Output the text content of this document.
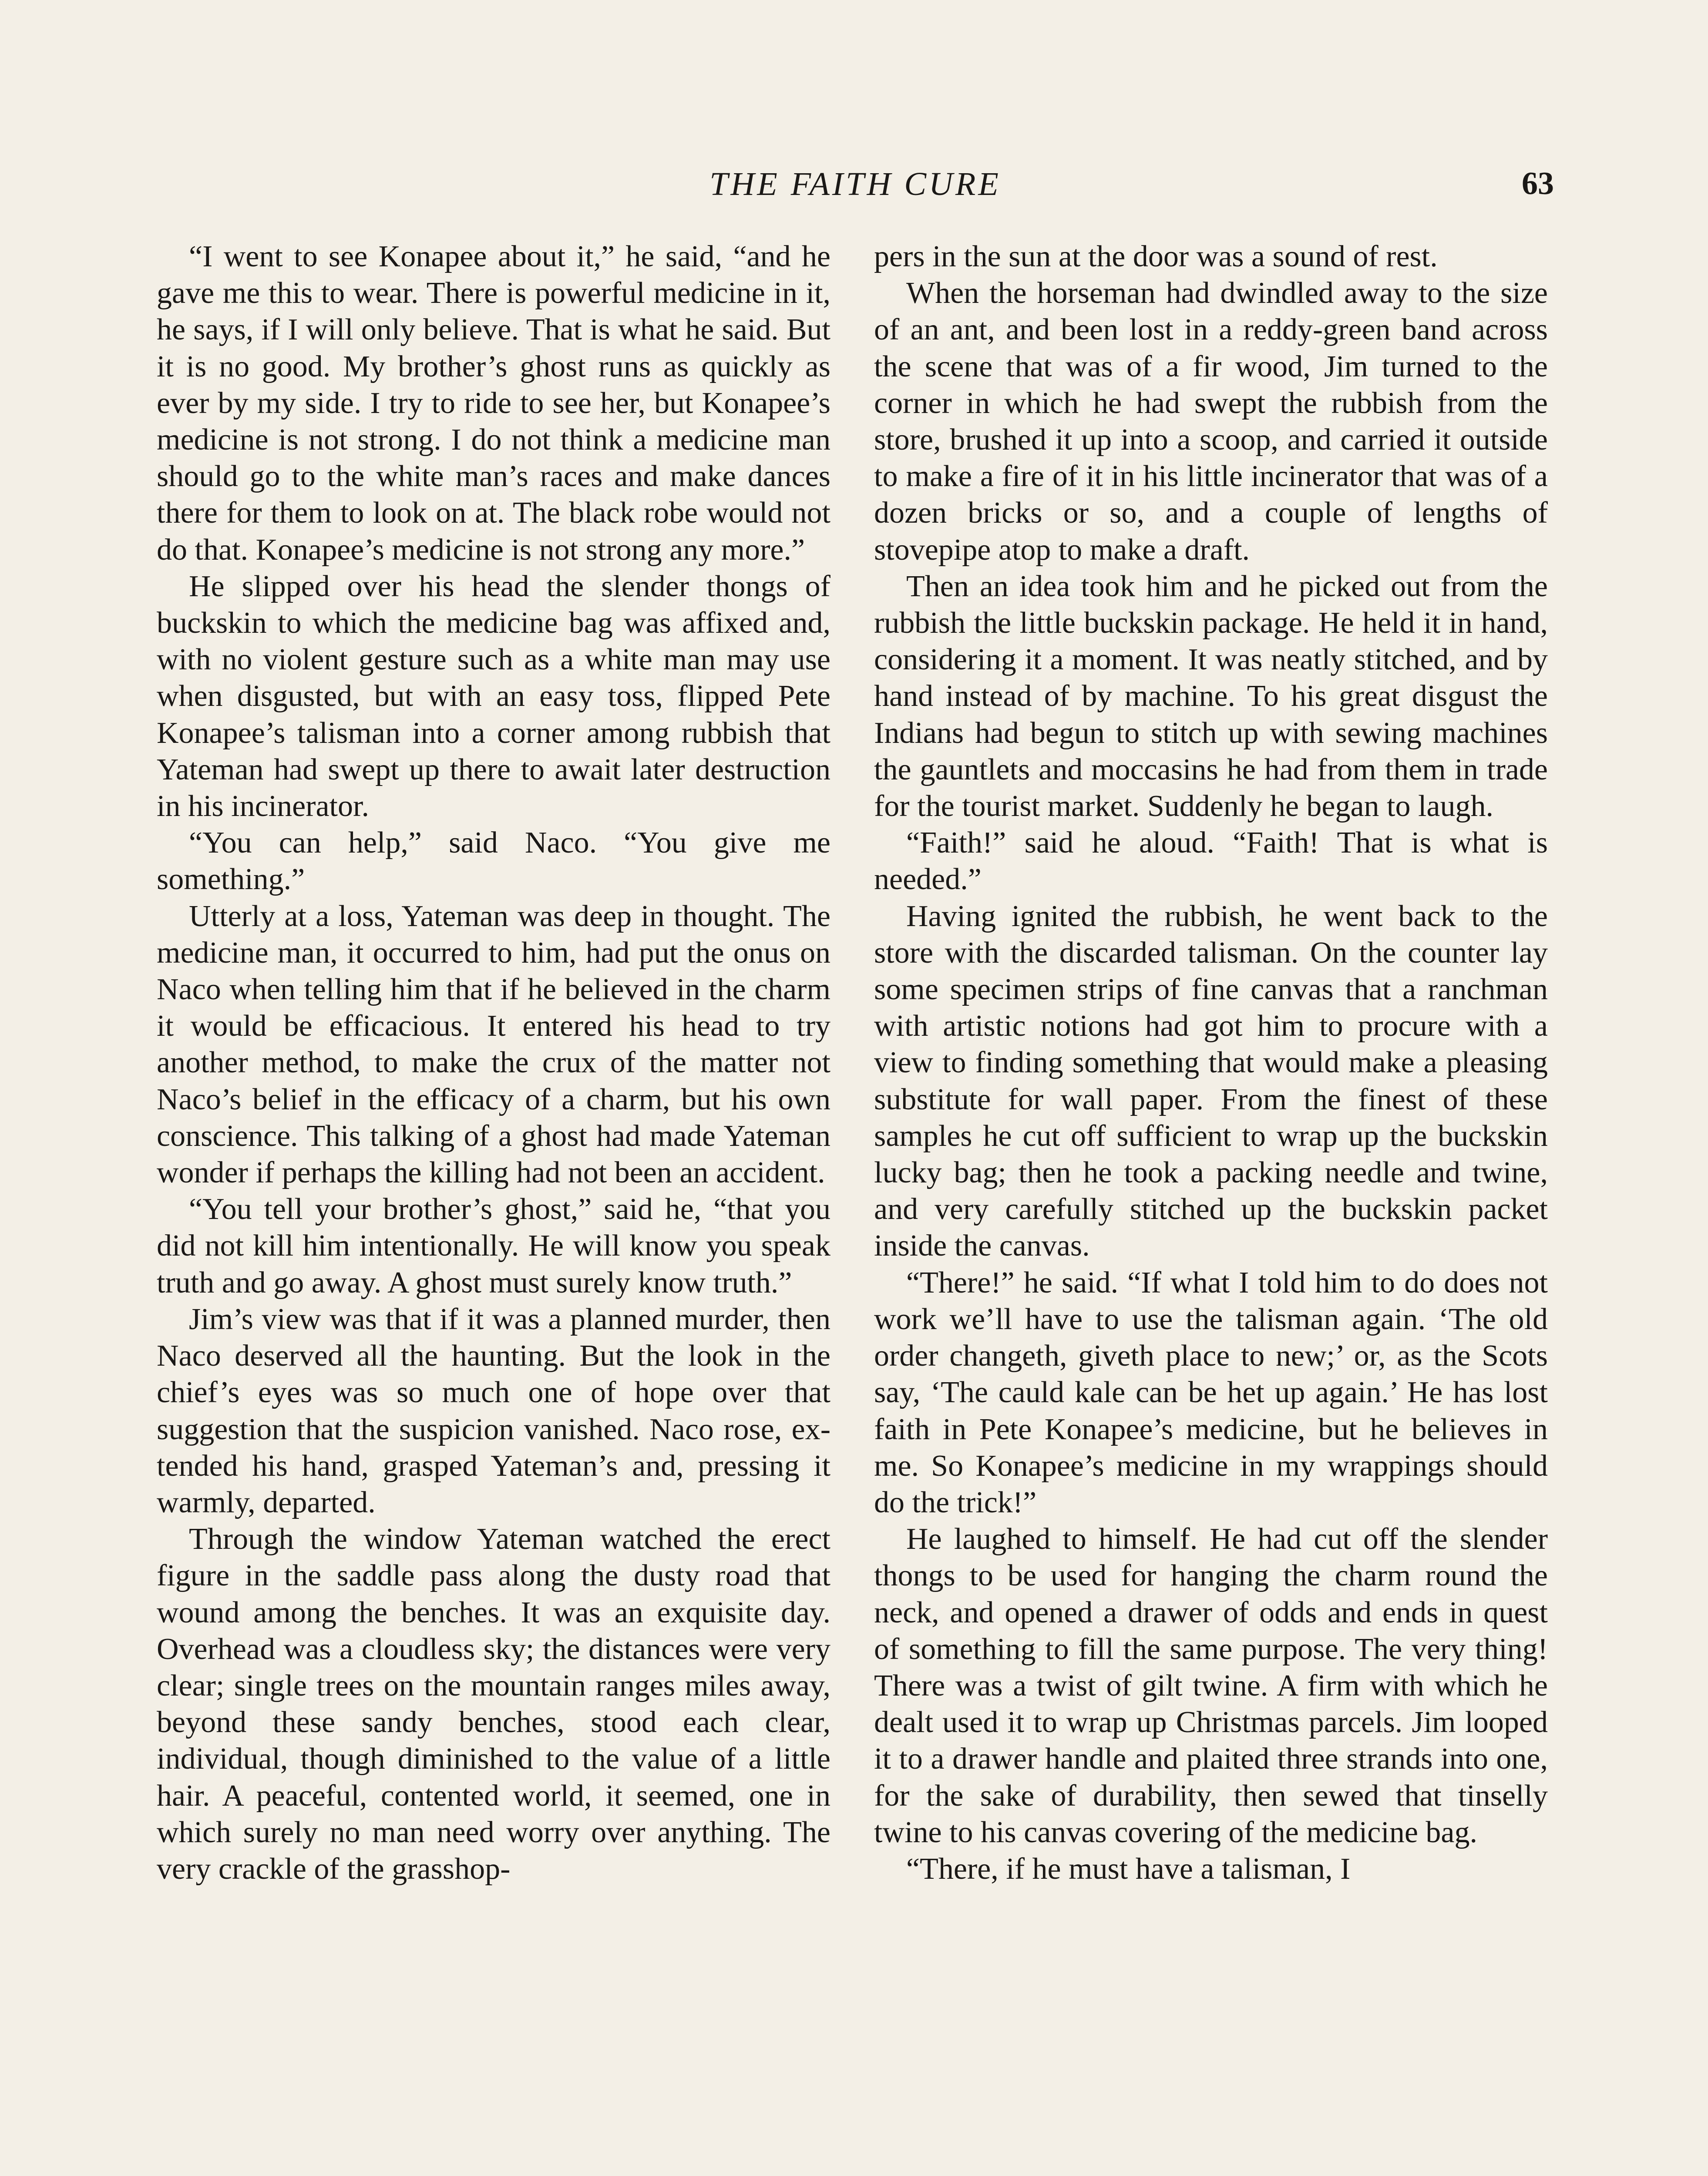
THE FAITH CURE	63

“I went to see Konapee about it,” he said, “and he gave me this to wear. There is powerful medicine in it, he says, if I will only believe. That is what he said. But it is no good. My brother’s ghost runs as quickly as ever by my side. I try to ride to see her, but Konapee’s medicine is not strong. I do not think a medicine man should go to the white man’s races and make dances there for them to look on at. The black robe would not do that. Konapee’s medicine is not strong any more.”

He slipped over his head the slender thongs of buckskin to which the medicine bag was affixed and, with no violent gesture such as a white man may use when disgusted, but with an easy toss, flipped Pete Konapee’s talisman into a corner among rubbish that Yateman had swept up there to await later destruction in his incinerator.

“You can help,” said Naco. “You give me something.”

Utterly at a loss, Yateman was deep in thought. The medicine man, it occurred to him, had put the onus on Naco when telling him that if he believed in the charm it would be efficacious. It entered his head to try another method, to make the crux of the matter not Naco’s belief in the efficacy of a charm, but his own conscience. This talking of a ghost had made Yateman wonder if perhaps the killing had not been an accident.

“You tell your brother’s ghost,” said he, “that you did not kill him intentionally. He will know you speak truth and go away. A ghost must surely know truth.”

Jim’s view was that if it was a planned murder, then Naco deserved all the haunting. But the look in the chief’s eyes was so much one of hope over that suggestion that the suspicion vanished. Naco rose, extended his hand, grasped Yateman’s and, pressing it warmly, departed.

Through the window Yateman watched the erect figure in the saddle pass along the dusty road that wound among the benches. It was an exquisite day. Overhead was a cloudless sky; the distances were very clear; single trees on the mountain ranges miles away, beyond these sandy benches, stood each clear, individual, though diminished to the value of a little hair. A peaceful, contented world, it seemed, one in which surely no man need worry over anything. The very crackle of the grasshop-

pers in the sun at the door was a sound of rest.

When the horseman had dwindled away to the size of an ant, and been lost in a reddy-green band across the scene that was of a fir wood, Jim turned to the corner in which he had swept the rubbish from the store, brushed it up into a scoop, and carried it outside to make a fire of it in his little incinerator that was of a dozen bricks or so, and a couple of lengths of stovepipe atop to make a draft.

Then an idea took him and he picked out from the rubbish the little buckskin package. He held it in hand, considering it a moment. It was neatly stitched, and by hand instead of by machine. To his great disgust the Indians had begun to stitch up with sewing machines the gauntlets and moccasins he had from them in trade for the tourist market. Suddenly he began to laugh.

“Faith!” said he aloud. “Faith! That is what is needed.”

Having ignited the rubbish, he went back to the store with the discarded talisman. On the counter lay some specimen strips of fine canvas that a ranchman with artistic notions had got him to procure with a view to finding something that would make a pleasing substitute for wall paper. From the finest of these samples he cut off sufficient to wrap up the buckskin lucky bag; then he took a packing needle and twine, and very carefully stitched up the buckskin packet inside the canvas.

“There!” he said. “If what I told him to do does not work we’ll have to use the talisman again. ‘The old order changeth, giveth place to new;’ or, as the Scots say, ‘The cauld kale can be het up again.’ He has lost faith in Pete Konapee’s medicine, but he believes in me. So Konapee’s medicine in my wrappings should do the trick!”

He laughed to himself. He had cut off the slender thongs to be used for hanging the charm round the neck, and opened a drawer of odds and ends in quest of something to fill the same purpose. The very thing! There was a twist of gilt twine. A firm with which he dealt used it to wrap up Christmas parcels. Jim looped it to a drawer handle and plaited three strands into one, for the sake of durability, then sewed that tinselly twine to his canvas covering of the medicine bag.

“There, if he must have a talisman, I
